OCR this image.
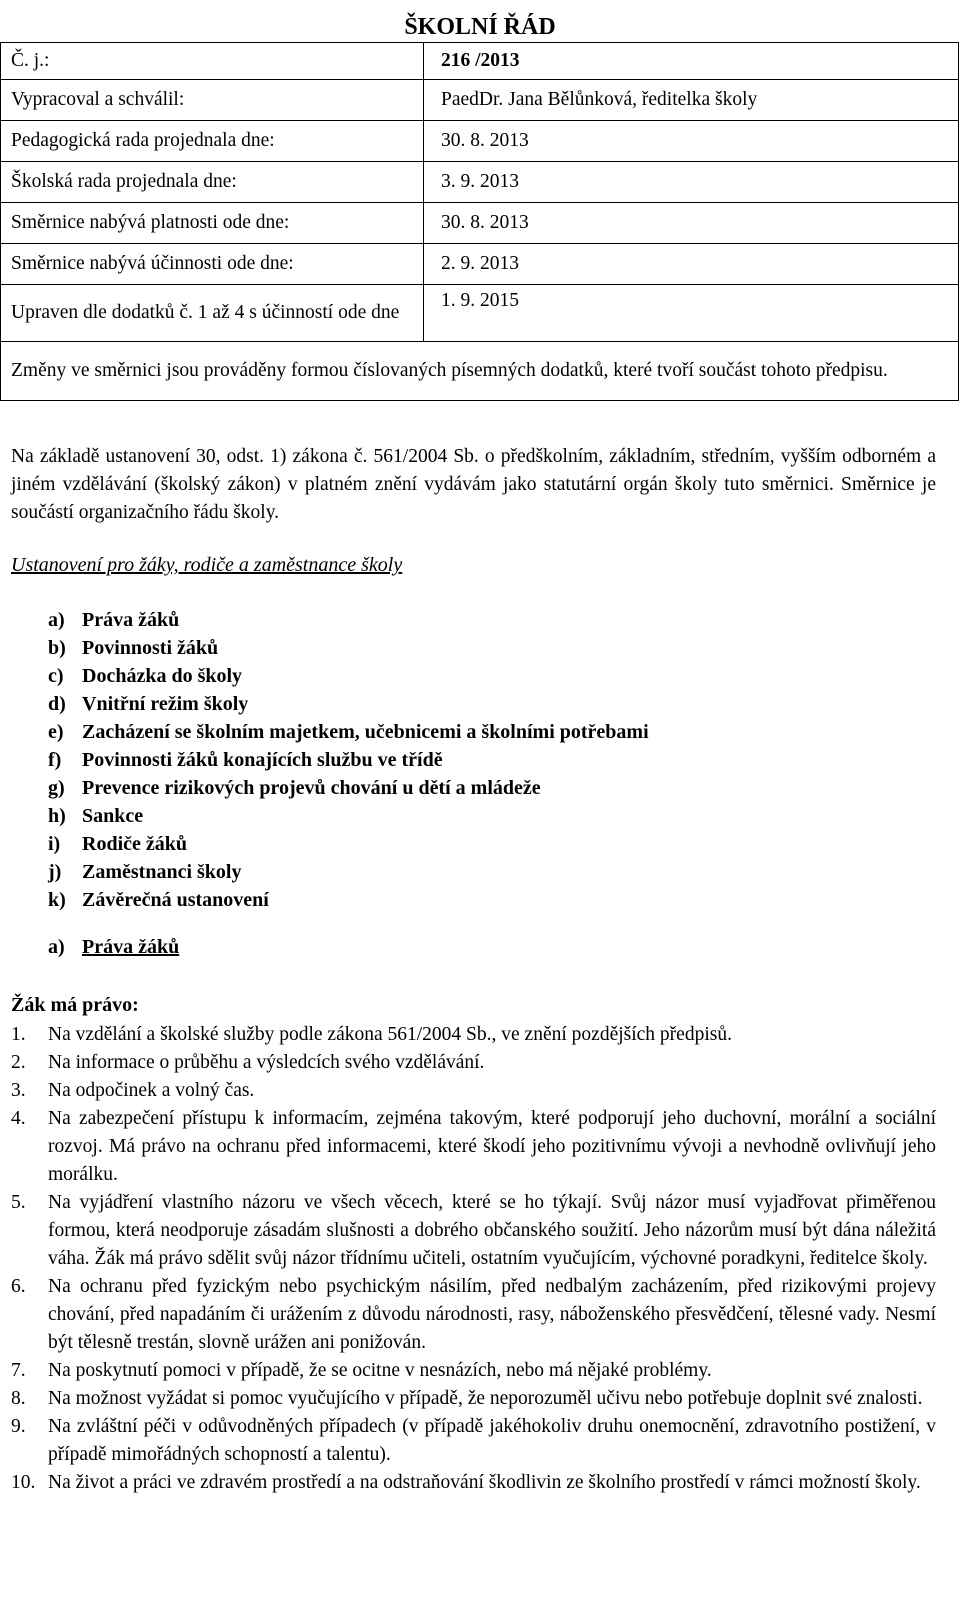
ŠKOLNÍ ŘÁD
Č. j.:	216 /2013
Vypracoval a schválil:	PaedDr. Jana Bělůnková, ředitelka školy
Pedagogická rada projednala dne:	30. 8. 2013
Školská rada projednala dne:	3. 9. 2013
Směrnice nabývá platnosti ode dne:	30. 8. 2013
Směrnice nabývá účinnosti ode dne:	2. 9. 2013
Upraven dle dodatků č. 1 až 4 s účinností ode dne	1. 9. 2015
Změny ve směrnici jsou prováděny formou číslovaných písemných dodatků, které tvoří součást tohoto předpisu.	

Na základě ustanovení 30, odst. 1) zákona č. 561/2004 Sb. o předškolním, základním, středním, vyšším odborném a jiném vzdělávání (školský zákon) v platném znění vydávám jako statutární orgán školy tuto směrnici. Směrnice je součástí organizačního řádu školy.

Ustanovení pro žáky, rodiče a zaměstnance školy
a) Práva žáků
b) Povinnosti žáků
c) Docházka do školy
d) Vnitřní režim školy
e) Zacházení se školním majetkem, učebnicemi a školními potřebami
f)	Povinnosti žáků konajících službu ve třídě
g) Prevence rizikových projevů chování u dětí a mládeže
h) Sankce
i)	Rodiče žáků
j)	Zaměstnanci školy
k) Závěrečná ustanovení
a) Práva žáků
Žák má právo:
1.	Na vzdělání a školské služby podle zákona 561/2004 Sb., ve znění pozdějších předpisů.
2.	Na informace o průběhu a výsledcích svého vzdělávání.
3.	Na odpočinek a volný čas.
4.	Na zabezpečení přístupu k informacím, zejména takovým, které podporují jeho duchovní, morální a sociální rozvoj. Má právo na ochranu před informacemi, které škodí jeho pozitivnímu vývoji a nevhodně ovlivňují jeho morálku.
5.	Na vyjádření vlastního názoru ve všech věcech, které se ho týkají. Svůj názor musí vyjadřovat přiměřenou formou, která neodporuje zásadám slušnosti a dobrého občanského soužití. Jeho názorům musí být dána náležitá váha. Žák má právo sdělit svůj názor třídnímu učiteli, ostatním vyučujícím, výchovné poradkyni, ředitelce školy.
6.	Na ochranu před fyzickým nebo psychickým násilím, před nedbalým zacházením, před rizikovými projevy chování, před napadáním či urážením z důvodu národnosti, rasy, náboženského přesvědčení, tělesné vady. Nesmí být tělesně trestán, slovně urážen ani ponižován.
7.	Na poskytnutí pomoci v případě, že se ocitne v nesnázích, nebo má nějaké problémy.
8.	Na možnost vyžádat si pomoc vyučujícího v případě, že neporozuměl učivu nebo potřebuje doplnit své znalosti.
9.	Na zvláštní péči v odůvodněných případech (v případě jakéhokoliv druhu onemocnění, zdravotního postižení, v případě mimořádných schopností a talentu).
10. Na život a práci ve zdravém prostředí a na odstraňování škodlivin ze školního prostředí v rámci možností školy.
